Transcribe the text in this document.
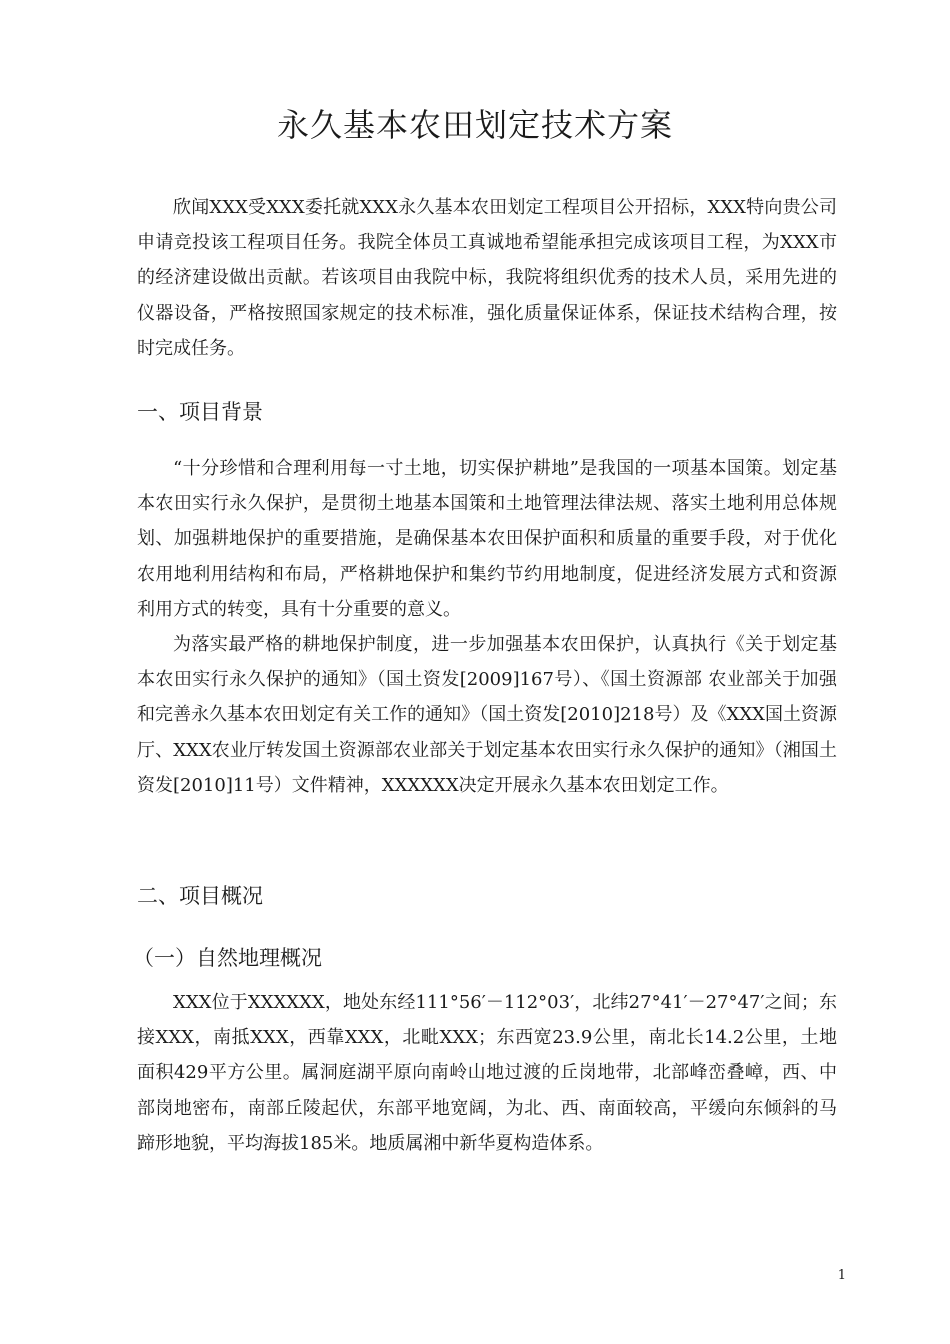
永久基本农田划定技术方案

欣闻XXX受XXX委托就XXX永久基本农田划定工程项目公开招标，XXX特向贵公司申请竞投该工程项目任务。我院全体员工真诚地希望能承担完成该项目工程，为XXX市的经济建设做出贡献。若该项目由我院中标，我院将组织优秀的技术人员，采用先进的仪器设备，严格按照国家规定的技术标准，强化质量保证体系，保证技术结构合理，按时完成任务。

一、项目背景

“十分珍惜和合理利用每一寸土地，切实保护耕地”是我国的一项基本国策。划定基本农田实行永久保护，是贯彻土地基本国策和土地管理法律法规、落实土地利用总体规划、加强耕地保护的重要措施，是确保基本农田保护面积和质量的重要手段，对于优化农用地利用结构和布局，严格耕地保护和集约节约用地制度，促进经济发展方式和资源利用方式的转变，具有十分重要的意义。

为落实最严格的耕地保护制度，进一步加强基本农田保护，认真执行《关于划定基本农田实行永久保护的通知》（国土资发[2009]167号）、《国土资源部 农业部关于加强和完善永久基本农田划定有关工作的通知》（国土资发[2010]218号）及《XXX国土资源厅、XXX农业厅转发国土资源部农业部关于划定基本农田实行永久保护的通知》（湘国土资发[2010]11号）文件精神，XXXXXX决定开展永久基本农田划定工作。

二、项目概况
（一）自然地理概况

XXX位于XXXXXX，地处东经111°56′－112°03′，北纬27°41′－27°47′之间；东接XXX，南抵XXX，西靠XXX，北毗XXX；东西宽23.9公里，南北长14.2公里，土地面积429平方公里。属洞庭湖平原向南岭山地过渡的丘岗地带，北部峰峦叠嶂，西、中部岗地密布，南部丘陵起伏，东部平地宽阔，为北、西、南面较高，平缓向东倾斜的马蹄形地貌，平均海拔185米。地质属湘中新华夏构造体系。

1
